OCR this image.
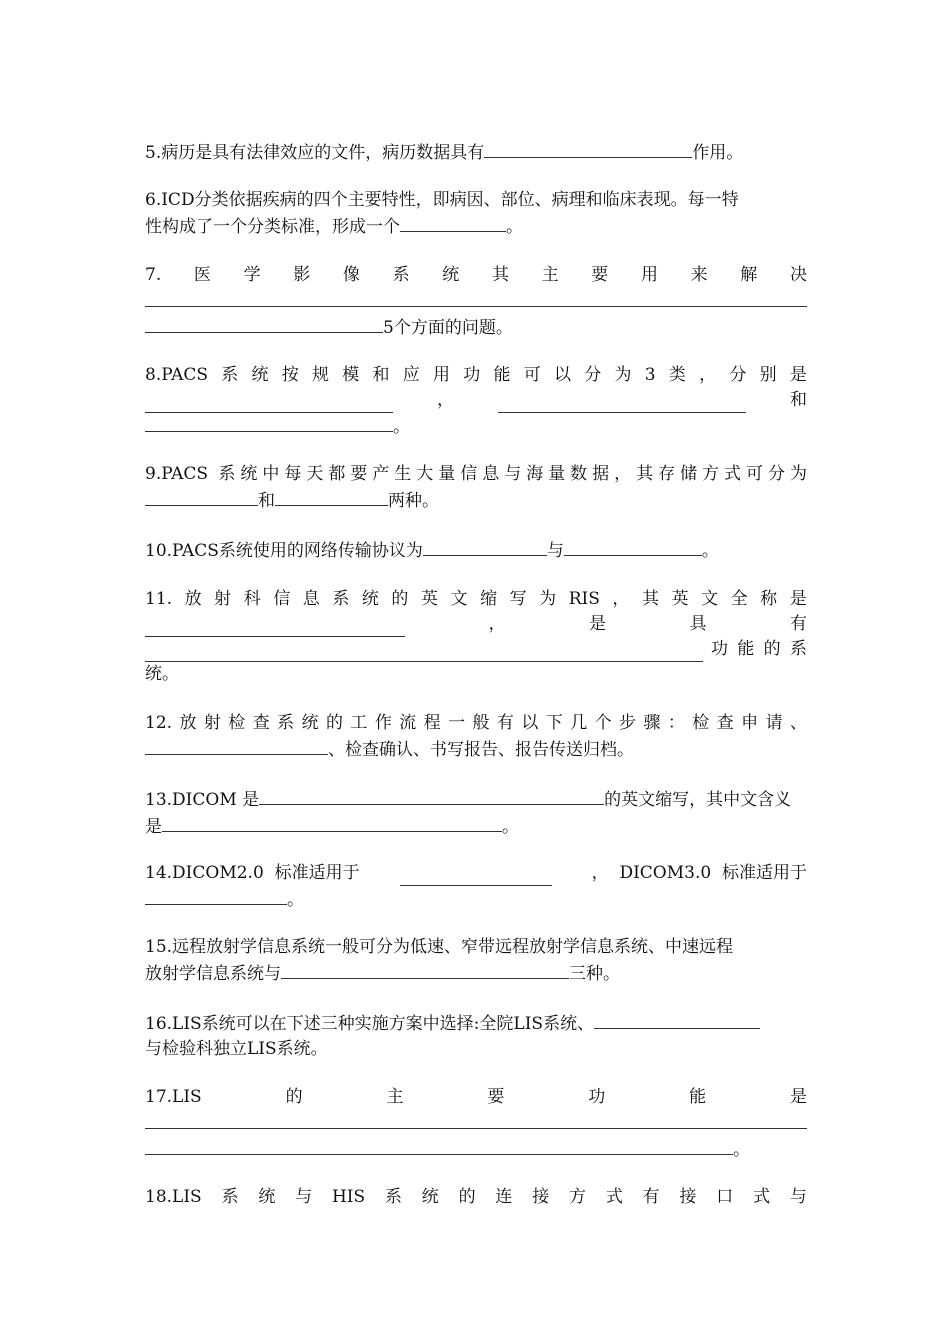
5.病历是具有法律效应的文件，病历数据具有	作用。
6.ICD分类依据疾病的四个主要特性，即病因、部位、病理和临床表现。每一特
性构成了一个分类标准，形成一个	。
7. 医 学 影 像 系 统 其 主 要 用 来 解 决
5个方面的问题。
8.PACS 系 统 按 规 模 和 应 用 功 能 可 以 分 为 3 类 ， 分 别 是
，	和
。
9.PACS 系统中每天都要产生大量信息与海量数据，其存储方式可分为
和	两种。
10.PACS系统使用的网络传输协议为	与	。
11. 放 射 科 信 息 系 统 的 英 文 缩 写 为 RIS ， 其 英 文 全 称 是
，	是	具	有
功能的系
统。
12.放射检查系统的工作流程一般有以下几个步骤：检查申请、
、检查确认、书写报告、报告传送归档。
13.DICOM 是	的英文缩写，其中文含义
是	。
14.DICOM2.0  标准适用于	，  DICOM3.0  标准适用于
。
15.远程放射学信息系统一般可分为低速、窄带远程放射学信息系统、中速远程
放射学信息系统与	三种。
16.LIS系统可以在下述三种实施方案中选择:全院LIS系统、
与检验科独立LIS系统。
17.LIS	的	主	要	功	能	是
。
18.LIS 系 统 与 HIS 系 统 的 连 接 方 式 有 接 口 式 与
